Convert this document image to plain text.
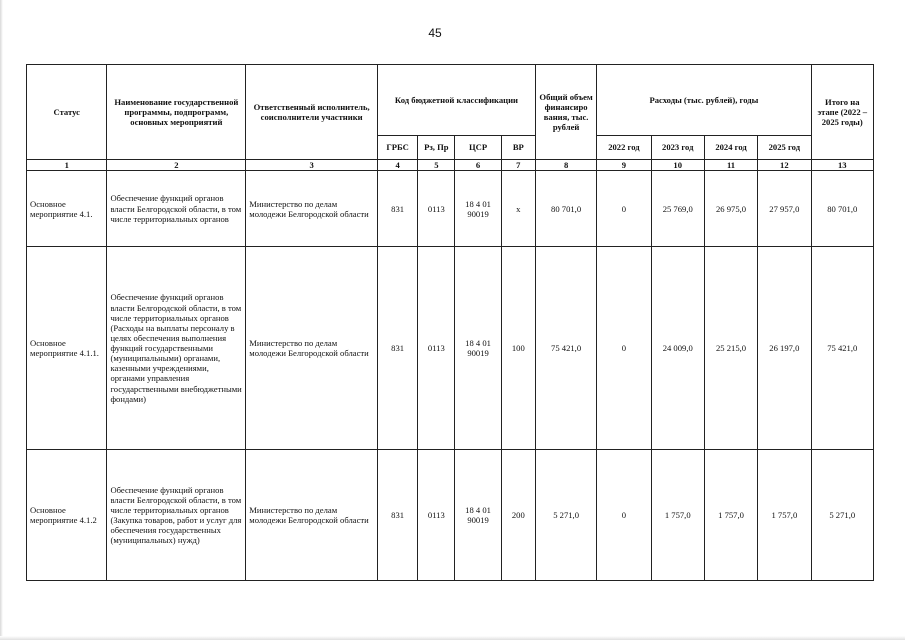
45
Статус	Наименование государственной программы, подпрограмм, основных мероприятий	Ответственный исполнитель, соисполнители участники	Код бюджетной классификации				Общий объем финансиро вания, тыс. рублей	Расходы (тыс. рублей), годы				Итого на этапе (2022 – 2025 годы)
			ГРБС	Рз, Пр	ЦСР	ВР		2022 год	2023 год	2024 год	2025 год	
1	2	3	4	5	6	7	8	9	10	11	12	13
Основное мероприятие 4.1.	Обеспечение функций органов власти Белгородской области, в том числе территориальных органов	Министерство по делам молодежи Белгородской области	831	0113	18 4 01 90019	х	80 701,0	0	25 769,0	26 975,0	27 957,0	80 701,0
Основное мероприятие 4.1.1.	Обеспечение функций органов власти Белгородской области, в том числе территориальных органов (Расходы на выплаты персоналу в целях обеспечения выполнения функций государственными (муниципальными) органами, казенными учреждениями, органами управления государственными внебюджетными фондами)	Министерство по делам молодежи Белгородской области	831	0113	18 4 01 90019	100	75 421,0	0	24 009,0	25 215,0	26 197,0	75 421,0
Основное мероприятие 4.1.2	Обеспечение функций органов власти Белгородской области, в том числе территориальных органов (Закупка товаров, работ и услуг для обеспечения государственных (муниципальных) нужд)	Министерство по делам молодежи Белгородской области	831	0113	18 4 01 90019	200	5 271,0	0	1 757,0	1 757,0	1 757,0	5 271,0
